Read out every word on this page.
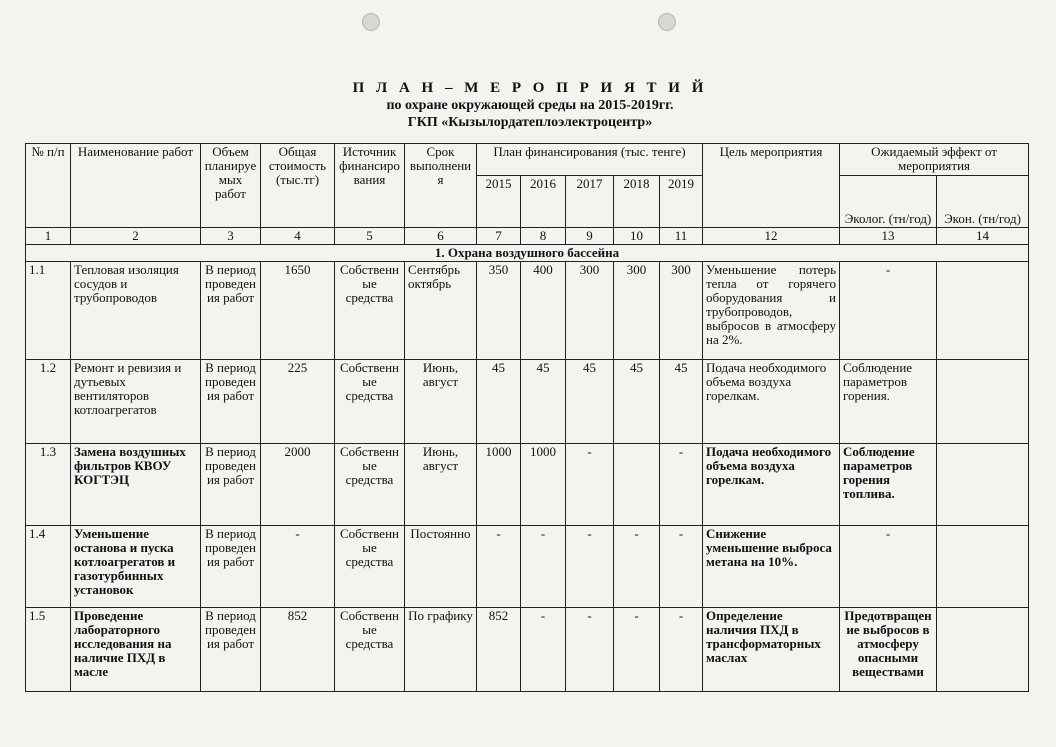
П Л А Н – М Е Р О П Р И Я Т И Й
по охране окружающей среды на 2015-2019гг.
ГКП «Кызылордатеплоэлектроцентр»
№ п/п	Наименование работ	Объем планируемых работ	Общая стоимость (тыс.тг)	Источник финансирования	Срок выполнения	План финансирования (тыс. тенге)					Цель мероприятия	Ожидаемый эффект от мероприятия	
						2015	2016	2017	2018	2019		Эколог. (тн/год)	Экон. (тн/год)
1	2	3	4	5	6	7	8	9	10	11	12	13	14
1. Охрана воздушного бассейна													
1.1	Тепловая изоляция сосудов и трубопроводов	В период проведения работ	1650	Собственные средства	Сентябрь октябрь	350	400	300	300	300	Уменьшение потерь тепла от горячего оборудования и трубопроводов, выбросов в атмосферу на 2%.	-	
1.2	Ремонт и ревизия и дутьевых вентиляторов котлоагрегатов	В период проведения работ	225	Собственные средства	Июнь, август	45	45	45	45	45	Подача необходимого объема воздуха горелкам.	Соблюдение параметров горения.	
1.3	Замена воздушных фильтров КВОУ КОГТЭЦ	В период проведения работ	2000	Собственные средства	Июнь, август	1000	1000	-		-	Подача необходимого объема воздуха горелкам.	Соблюдение параметров горения топлива.	
1.4	Уменьшение останова и пуска котлоагрегатов и газотурбинных установок	В период проведения работ	-	Собственные средства	Постоянно	-	-	-	-	-	Снижение уменьшение выброса метана на 10%.	-	
1.5	Проведение лабораторного исследования на наличие ПХД в масле	В период проведения работ	852	Собственные средства	По графику	852	-	-	-	-	Определение наличия ПХД в трансформаторных маслах	Предотвращение выбросов в атмосферу опасными веществами	
